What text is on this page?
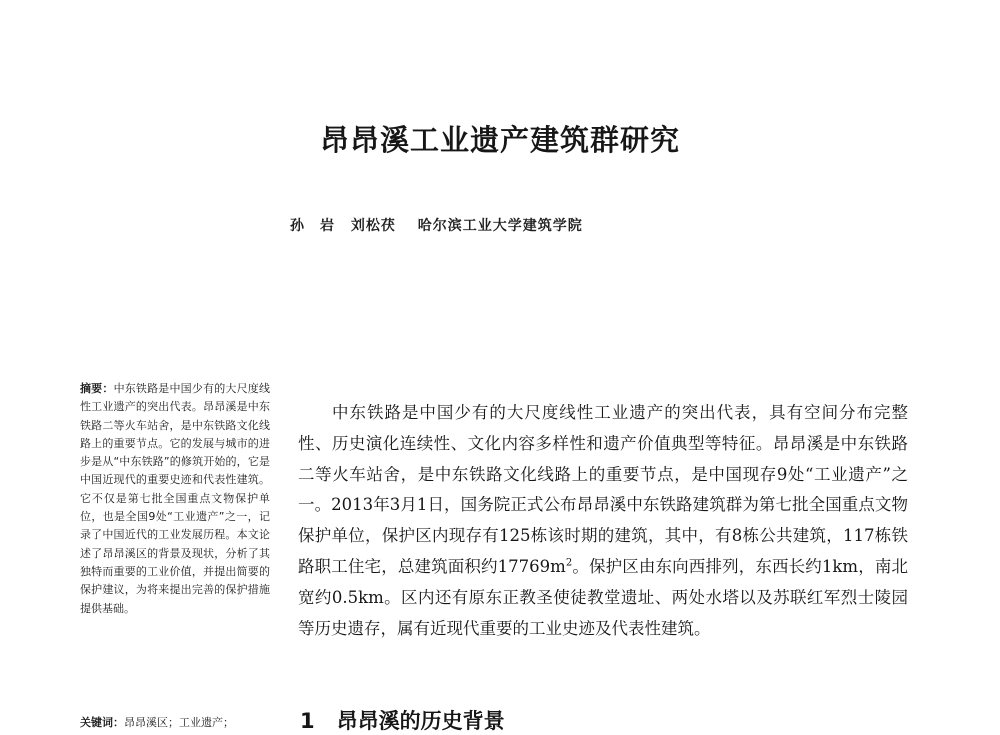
昂昂溪工业遗产建筑群研究
孙　岩 刘松茯 哈尔滨工业大学建筑学院
摘要：中东铁路是中国少有的大尺度线性工业遗产的突出代表。昂昂溪是中东铁路二等火车站舍，是中东铁路文化线路上的重要节点。它的发展与城市的进步是从“中东铁路”的修筑开始的，它是中国近现代的重要史迹和代表性建筑。它不仅是第七批全国重点文物保护单位，也是全国9处“工业遗产”之一，记录了中国近代的工业发展历程。本文论述了昂昂溪区的背景及现状，分析了其独特而重要的工业价值，并提出简要的保护建议，为将来提出完善的保护措施提供基础。
关键词：昂昂溪区；工业遗产；
中东铁路是中国少有的大尺度线性工业遗产的突出代表，具有空间分布完整性、历史演化连续性、文化内容多样性和遗产价值典型等特征。昂昂溪是中东铁路二等火车站舍，是中东铁路文化线路上的重要节点，是中国现存9处“工业遗产”之一。2013年3月1日，国务院正式公布昂昂溪中东铁路建筑群为第七批全国重点文物保护单位，保护区内现存有125栋该时期的建筑，其中，有8栋公共建筑，117栋铁路职工住宅，总建筑面积约$17769m^2$。保护区由东向西排列，东西长约1km，南北宽约0.5km。区内还有原东正教圣使徒教堂遗址、两处水塔以及苏联红军烈士陵园等历史遗存，属有近现代重要的工业史迹及代表性建筑。
1 昂昂溪的历史背景
